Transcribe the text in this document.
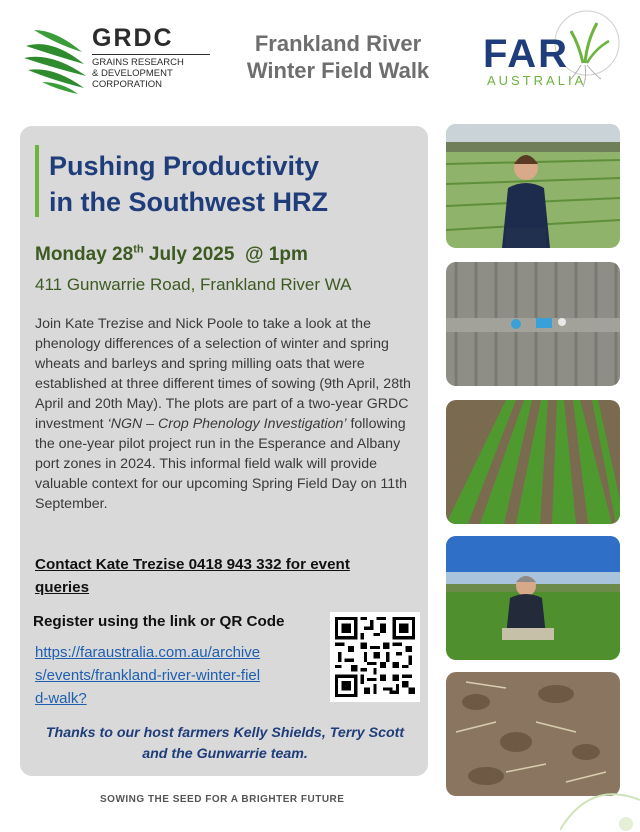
GRDC
GRAINS RESEARCH
& DEVELOPMENT
CORPORATION
Frankland River
Winter Field Walk	FAR
AUSTRALIA
Pushing Productivity
in the Southwest HRZ
Monday 28th July 2025  @ 1pm
411 Gunwarrie Road, Frankland River WA
Join Kate Trezise and Nick Poole to take a look at the phenology differences of a selection of winter and spring wheats and barleys and spring milling oats that were established at three different times of sowing (9th April, 28th April and 20th May). The plots are part of a two-year GRDC investment ‘NGN – Crop Phenology Investigation’ following the one-year pilot project run in the Esperance and Albany port zones in 2024. This informal field walk will provide valuable context for our upcoming Spring Field Day on 11th September.
Contact Kate Trezise 0418 943 332 for event queries
Register using the link or QR Code
https://faraustralia.com.au/archives/events/frankland-river-winter-field-walk?
Thanks to our host farmers Kelly Shields, Terry Scott and the Gunwarrie team.
SOWING THE SEED FOR A BRIGHTER FUTURE
